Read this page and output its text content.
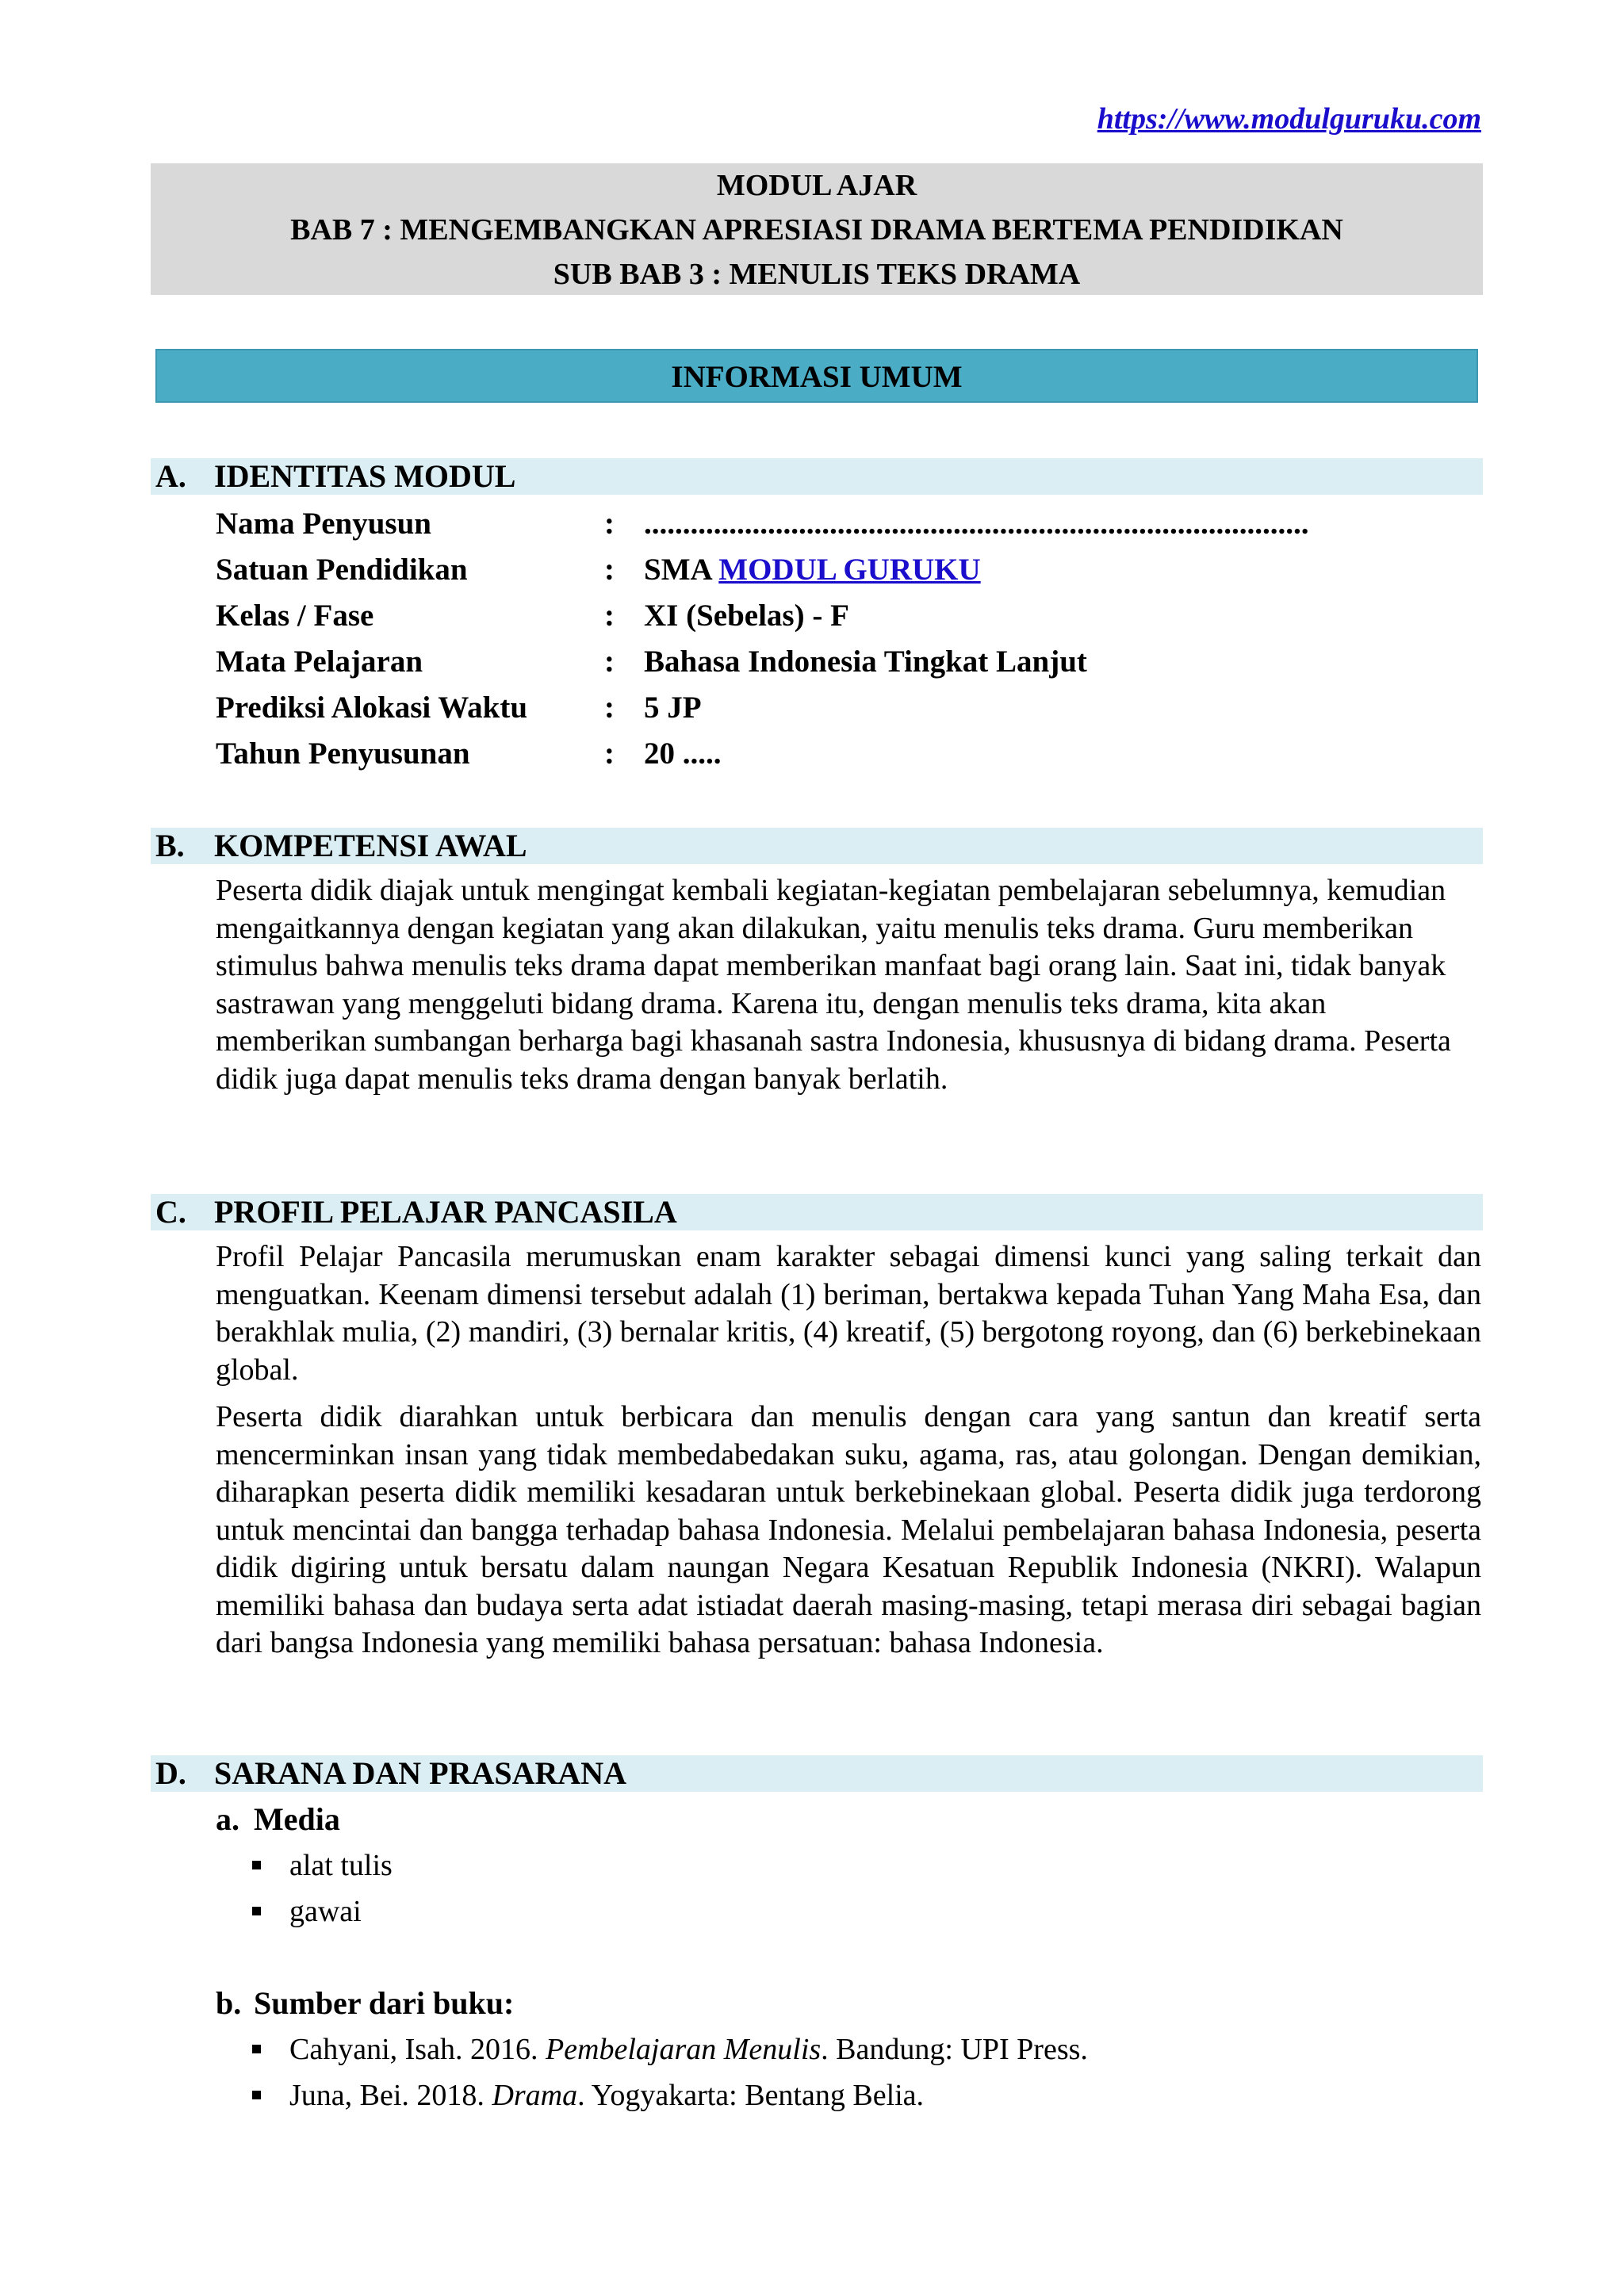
https://www.modulguruku.com
MODUL AJAR
BAB 7 : MENGEMBANGKAN APRESIASI DRAMA BERTEMA PENDIDIKAN
SUB BAB 3 : MENULIS TEKS DRAMA
INFORMASI UMUM
A. IDENTITAS MODUL
Nama Penyusun	: ......................................................................................
Satuan Pendidikan	: SMA MODUL GURUKU
Kelas / Fase	: XI (Sebelas) - F
Mata Pelajaran	: Bahasa Indonesia Tingkat Lanjut
Prediksi Alokasi Waktu : 5 JP
Tahun Penyusunan	: 20 .....
B. KOMPETENSI AWAL
Peserta didik diajak untuk mengingat kembali kegiatan-kegiatan pembelajaran sebelumnya, kemudian mengaitkannya dengan kegiatan yang akan dilakukan, yaitu menulis teks drama. Guru memberikan stimulus bahwa menulis teks drama dapat memberikan manfaat bagi orang lain. Saat ini, tidak banyak sastrawan yang menggeluti bidang drama. Karena itu, dengan menulis teks drama, kita akan memberikan sumbangan berharga bagi khasanah sastra Indonesia, khususnya di bidang drama. Peserta didik juga dapat menulis teks drama dengan banyak berlatih.
C. PROFIL PELAJAR PANCASILA
Profil Pelajar Pancasila merumuskan enam karakter sebagai dimensi kunci yang saling terkait dan menguatkan. Keenam dimensi tersebut adalah (1) beriman, bertakwa kepada Tuhan Yang Maha Esa, dan berakhlak mulia, (2) mandiri, (3) bernalar kritis, (4) kreatif, (5) bergotong royong, dan (6) berkebinekaan global.
Peserta didik diarahkan untuk berbicara dan menulis dengan cara yang santun dan kreatif serta mencerminkan insan yang tidak membedabedakan suku, agama, ras, atau golongan. Dengan demikian, diharapkan peserta didik memiliki kesadaran untuk berkebinekaan global. Peserta didik juga terdorong untuk mencintai dan bangga terhadap bahasa Indonesia. Melalui pembelajaran bahasa Indonesia, peserta didik digiring untuk bersatu dalam naungan Negara Kesatuan Republik Indonesia (NKRI). Walapun memiliki bahasa dan budaya serta adat istiadat daerah masing-masing, tetapi merasa diri sebagai bagian dari bangsa Indonesia yang memiliki bahasa persatuan: bahasa Indonesia.
D. SARANA DAN PRASARANA
a. Media
alat tulis
gawai
b. Sumber dari buku:
Cahyani, Isah. 2016. Pembelajaran Menulis. Bandung: UPI Press.
Juna, Bei. 2018. Drama. Yogyakarta: Bentang Belia.
